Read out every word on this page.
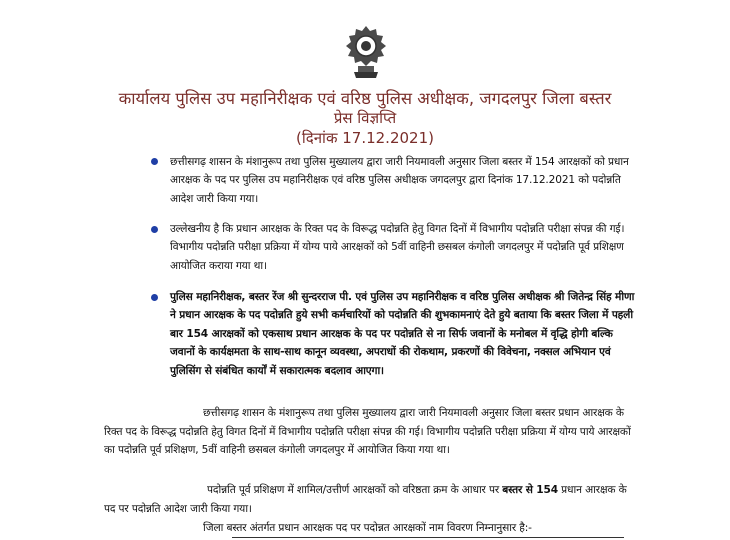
कार्यालय पुलिस उप महानिरीक्षक एवं वरिष्ठ पुलिस अधीक्षक, जगदलपुर जिला बस्तर
प्रेस विज्ञप्ति
(दिनांक 17.12.2021)
छत्तीसगढ़ शासन के मंशानुरूप तथा पुलिस मुख्यालय द्वारा जारी नियमावली अनुसार जिला बस्तर में 154 आरक्षकों को प्रधान आरक्षक के पद पर पुलिस उप महानिरीक्षक एवं वरिष्ठ पुलिस अधीक्षक जगदलपुर द्वारा दिनांक 17.12.2021 को पदोन्नति आदेश जारी किया गया।
उल्लेखनीय है कि प्रधान आरक्षक के रिक्त पद के विरूद्ध पदोन्नति हेतु विगत दिनों में विभागीय पदोन्नति परीक्षा संपन्न की गई। विभागीय पदोन्नति परीक्षा प्रक्रिया में योग्य पाये आरक्षकों को 5वीं वाहिनी छसबल कंगोली जगदलपुर में पदोन्नति पूर्व प्रशिक्षण आयोजित कराया गया था।
पुलिस महानिरीक्षक, बस्तर रेंज श्री सुन्दरराज पी. एवं पुलिस उप महानिरीक्षक व वरिष्ठ पुलिस अधीक्षक श्री जितेन्द्र सिंह मीणा ने प्रधान आरक्षक के पद पदोन्नति हुये सभी कर्मचारियों को पदोन्नति की शुभकामनाएं देते हुये बताया कि बस्तर जिला में पहली बार 154 आरक्षकों को एकसाथ प्रधान आरक्षक के पद पर पदोन्नति से ना सिर्फ जवानों के मनोबल में वृद्धि होगी बल्कि जवानों के कार्यक्षमता के साथ-साथ कानून व्यवस्था, अपराधों की रोकथाम, प्रकरणों की विवेचना, नक्सल अभियान एवं पुलिसिंग से संबंधित कार्यों में सकारात्मक बदलाव आएगा।
छत्तीसगढ़ शासन के मंशानुरूप तथा पुलिस मुख्यालय द्वारा जारी नियमावली अनुसार जिला बस्तर प्रधान आरक्षक के रिक्त पद के विरूद्ध पदोन्नति हेतु विगत दिनों में विभागीय पदोन्नति परीक्षा संपन्न की गई। विभागीय पदोन्नति परीक्षा प्रक्रिया में योग्य पाये आरक्षकों का पदोन्नति पूर्व प्रशिक्षण, 5वीं वाहिनी छसबल कंगोली जगदलपुर में आयोजित किया गया था।
पदोन्नति पूर्व प्रशिक्षण में शामिल/उत्तीर्ण आरक्षकों को वरिष्ठता क्रम के आधार पर बस्तर से 154 प्रधान आरक्षक के पद पर पदोन्नति आदेश जारी किया गया।
जिला बस्तर अंतर्गत प्रधान आरक्षक पद पर पदोन्नत आरक्षकों नाम विवरण निम्नानुसार है:-
